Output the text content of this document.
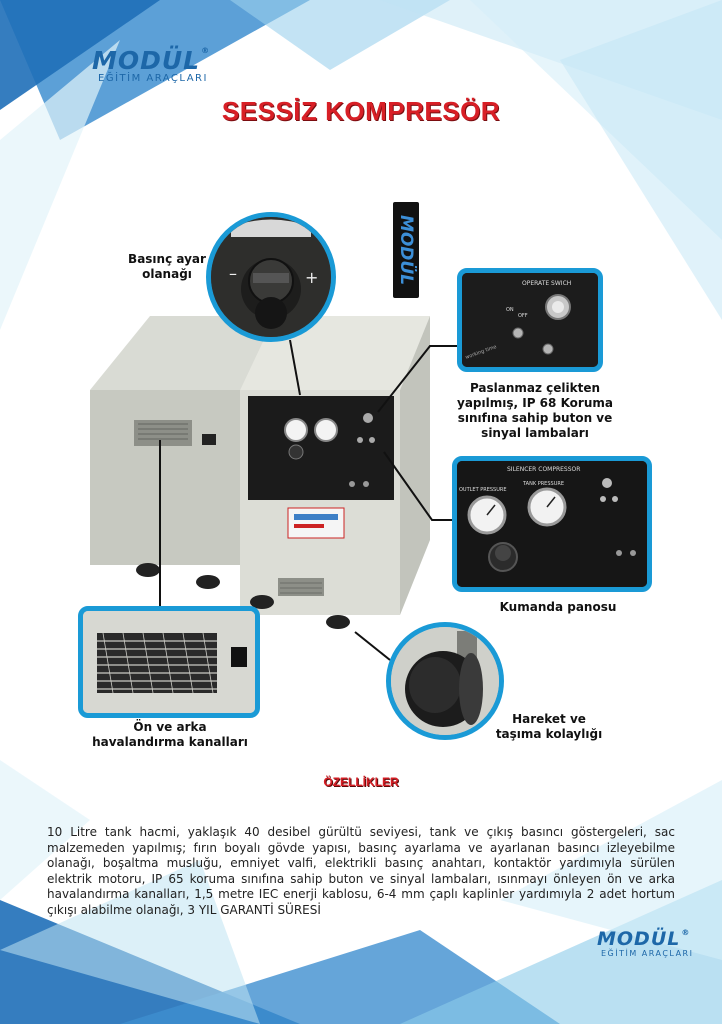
MODÜL®
EĞİTİM ARAÇLARI
SESSİZ KOMPRESÖR
MODÜL
–	+
Basınç ayar olanağı
OPERATE SWICH
ON
OFF
working time
Paslanmaz çelikten yapılmış, IP 68 Koruma sınıfına sahip buton ve sinyal lambaları
SILENCER COMPRESSOR
OUTLET PRESSURE
TANK PRESSURE
Kumanda panosu
Ön ve arka havalandırma kanalları
Hareket ve taşıma kolaylığı
ÖZELLİKLER
10 Litre tank hacmi, yaklaşık 40 desibel gürültü seviyesi, tank ve çıkış basıncı göstergeleri, sac malzemeden yapılmış; fırın boyalı gövde yapısı, basınç ayarlama ve ayarlanan basıncı izleyebilme olanağı, boşaltma musluğu, emniyet valfi, elektrikli basınç anahtarı, kontaktör yardımıyla sürülen elektrik motoru, IP 65 koruma sınıfına sahip buton ve sinyal lambaları, ısınmayı önleyen ön ve arka havalandırma kanalları, 1,5 metre IEC enerji kablosu, 6-4 mm çaplı kaplinler yardımıyla 2 adet hortum çıkışı alabilme olanağı, 3 YIL GARANTİ SÜRESİ
MODÜL®
EĞİTİM ARAÇLARI
